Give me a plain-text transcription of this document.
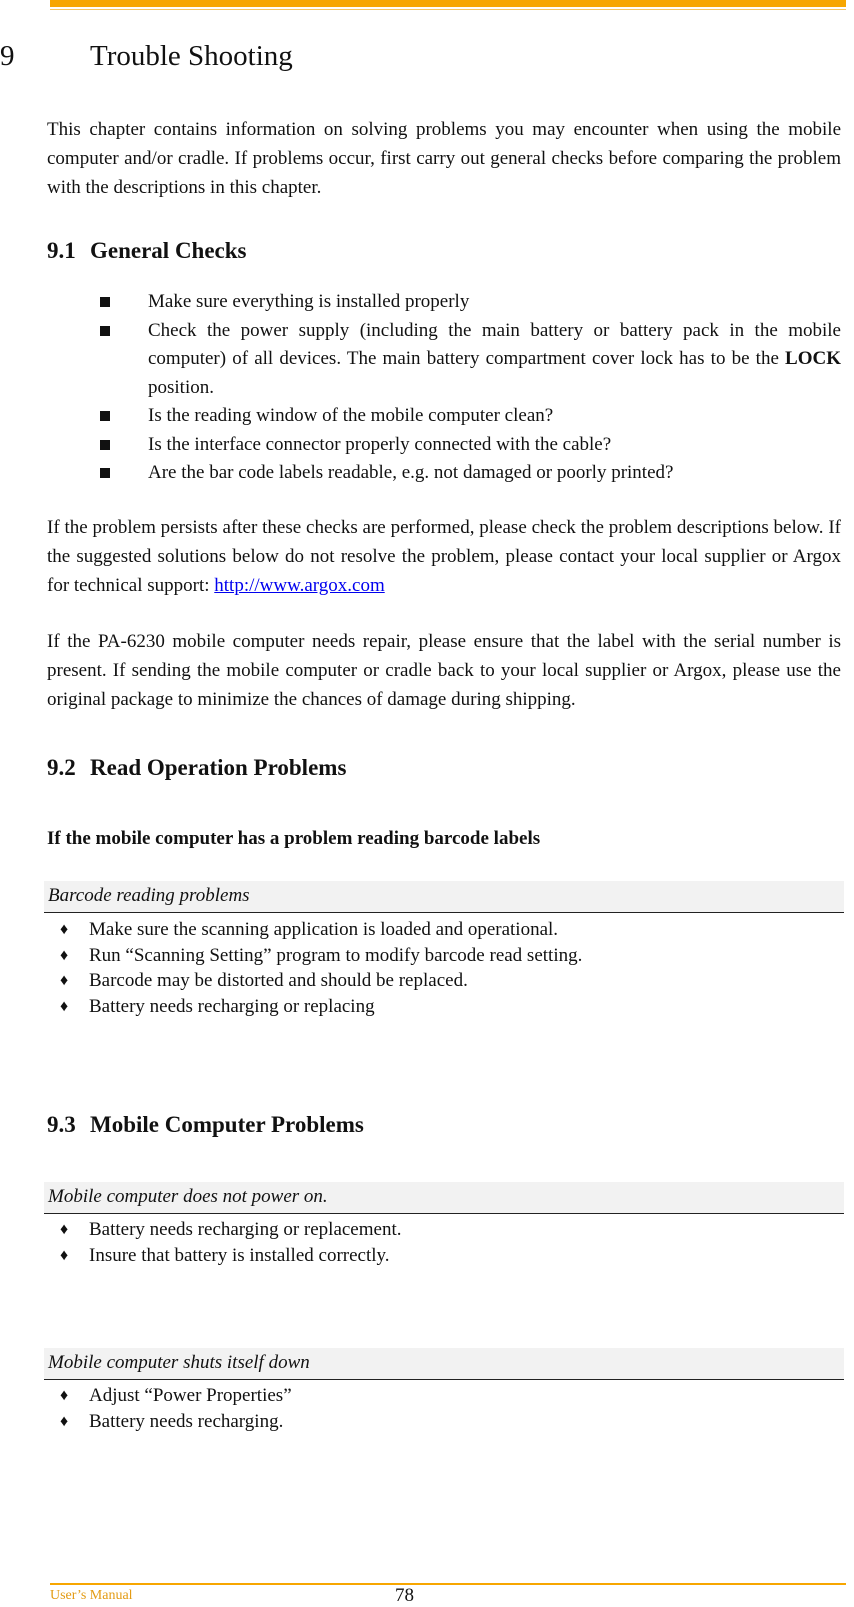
9	Trouble Shooting
This chapter contains information on solving problems you may encounter when using the mobile computer and/or cradle. If problems occur, first carry out general checks before comparing the problem with the descriptions in this chapter.
9.1 General Checks
Make sure everything is installed properly
Check the power supply (including the main battery or battery pack in the mobile computer) of all devices. The main battery compartment cover lock has to be the LOCK position.
Is the reading window of the mobile computer clean?
Is the interface connector properly connected with the cable?
Are the bar code labels readable, e.g. not damaged or poorly printed?
If the problem persists after these checks are performed, please check the problem descriptions below. If the suggested solutions below do not resolve the problem, please contact your local supplier or Argox for technical support: http://www.argox.com
If the PA-6230 mobile computer needs repair, please ensure that the label with the serial number is present. If sending the mobile computer or cradle back to your local supplier or Argox, please use the original package to minimize the chances of damage during shipping.
9.2 Read Operation Problems
If the mobile computer has a problem reading barcode labels
Barcode reading problems
♦ Make sure the scanning application is loaded and operational.
♦ Run “Scanning Setting” program to modify barcode read setting.
♦ Barcode may be distorted and should be replaced.
♦ Battery needs recharging or replacing
9.3 Mobile Computer Problems
Mobile computer does not power on.
♦ Battery needs recharging or replacement.
♦ Insure that battery is installed correctly.
Mobile computer shuts itself down
♦ Adjust “Power Properties”
♦ Battery needs recharging.
User’s Manual	78
